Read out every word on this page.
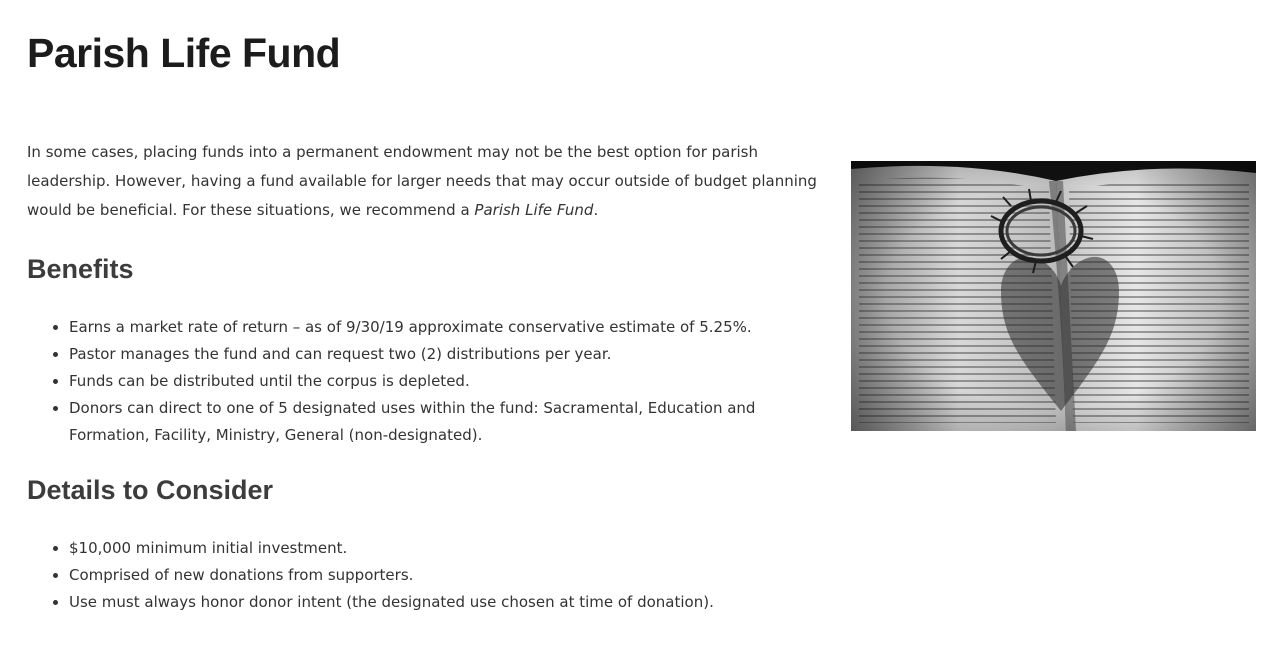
Parish Life Fund

In some cases, placing funds into a permanent endowment may not be the best option for parish leadership. However, having a fund available for larger needs that may occur outside of budget planning would be beneficial. For these situations, we recommend a Parish Life Fund.

Benefits
• Earns a market rate of return – as of 9/30/19 approximate conservative estimate of 5.25%.
• Pastor manages the fund and can request two (2) distributions per year.
• Funds can be distributed until the corpus is depleted.
• Donors can direct to one of 5 designated uses within the fund: Sacramental, Education and Formation, Facility, Ministry, General (non-designated).
Details to Consider
• $10,000 minimum initial investment.
• Comprised of new donations from supporters.
• Use must always honor donor intent (the designated use chosen at time of donation).
